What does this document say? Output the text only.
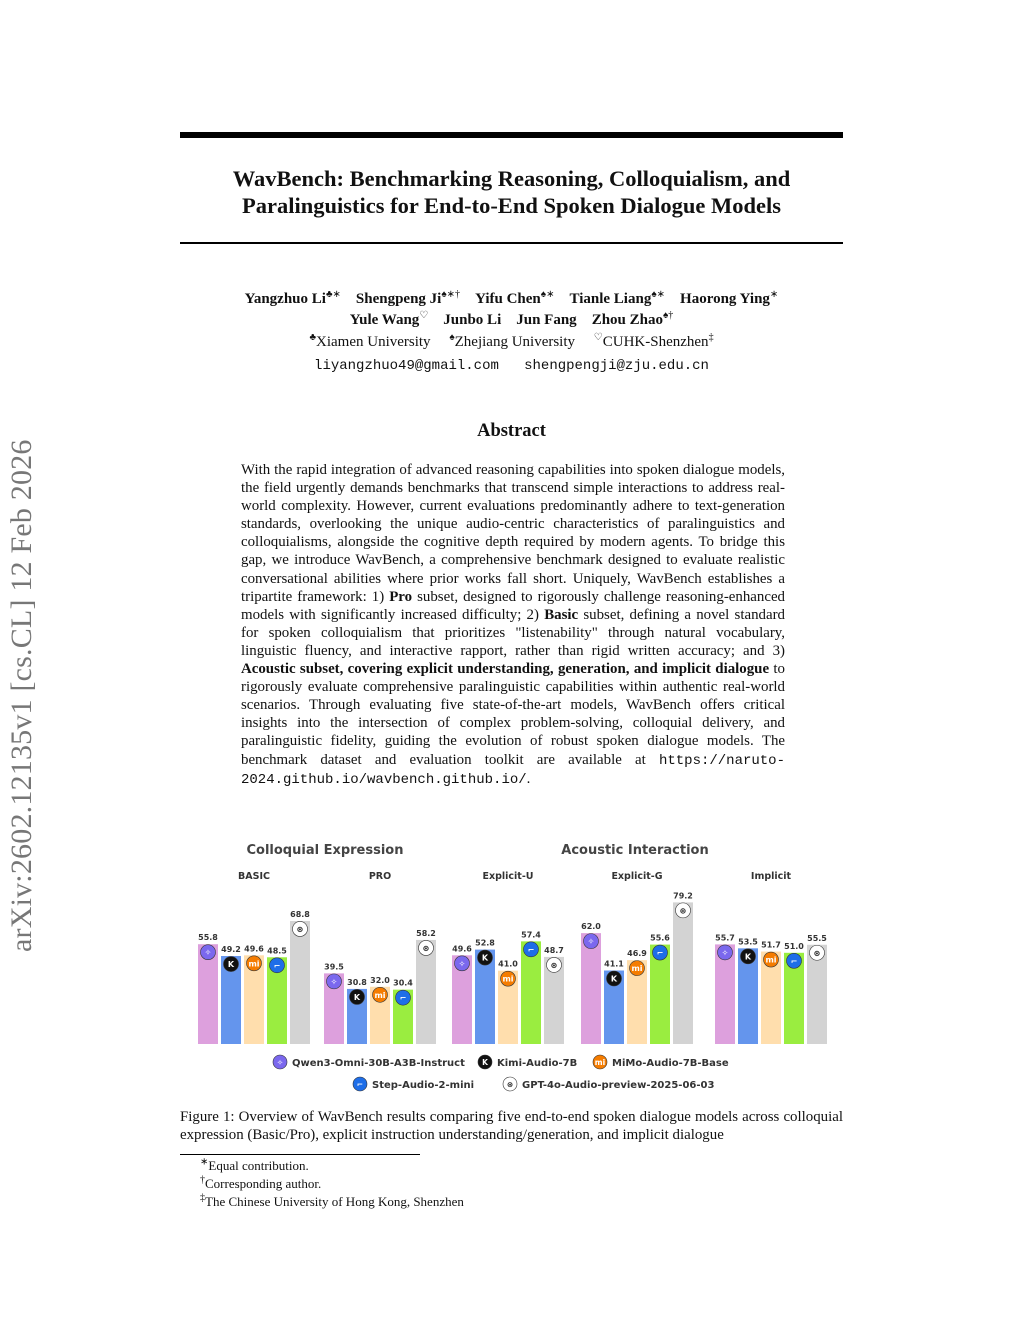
arXiv:2602.12135v1 [cs.CL] 12 Feb 2026
WavBench: Benchmarking Reasoning, Colloquialism, and
Paralinguistics for End-to-End Spoken Dialogue Models
Yangzhuo Li♣∗ Shengpeng Ji♠∗† Yifu Chen♠∗ Tianle Liang♠∗ Haorong Ying∗
Yule Wang♡ Junbo Li Jun Fang Zhou Zhao♠†
♣Xiamen University ♠Zhejiang University ♡CUHK-Shenzhen‡
liyangzhuo49@gmail.com shengpengji@zju.edu.cn
Abstract
With the rapid integration of advanced reasoning capabilities into spoken dialogue models, the field urgently demands benchmarks that transcend simple interactions to address real-world complexity. However, current evaluations predominantly adhere to text-generation standards, overlooking the unique audio-centric characteristics of paralinguistics and colloquialisms, alongside the cognitive depth required by modern agents. To bridge this gap, we introduce WavBench, a comprehensive benchmark designed to evaluate realistic conversational abilities where prior works fall short. Uniquely, WavBench establishes a tripartite framework: 1) Pro subset, designed to rigorously challenge reasoning-enhanced models with significantly increased difficulty; 2) Basic subset, defining a novel standard for spoken colloquialism that prioritizes "listenability" through natural vocabulary, linguistic fluency, and interactive rapport, rather than rigid written accuracy; and 3) Acoustic subset, covering explicit understanding, generation, and implicit dialogue to rigorously evaluate comprehensive paralinguistic capabilities within authentic real-world scenarios. Through evaluating five state-of-the-art models, WavBench offers critical insights into the intersection of complex problem-solving, colloquial delivery, and paralinguistic fidelity, guiding the evolution of robust spoken dialogue models. The benchmark dataset and evaluation toolkit are available at https://naruto-2024.github.io/wavbench.github.io/.
Colloquial Expression	Acoustic Interaction
BASIC
✧
55.8
K
49.2
mi
49.6
⌐
48.5
⊛
68.8
PRO
✧
39.5
K
30.8
mi
32.0
⌐
30.4
⊛
58.2
Explicit-U
✧
49.6
K
52.8
mi
41.0
⌐
57.4
⊛
48.7
Explicit-G
✧
62.0
K
41.1
mi
46.9 ⌐
55.6
⊛
79.2
Implicit
✧
55.7
K
53.5
mi
51.7
⌐
51.0
⊛
55.5
✧ Qwen3-Omni-30B-A3B-Instruct K Kimi-Audio-7B mi MiMo-Audio-7B-Base
⌐ Step-Audio-2-mini	⊛ GPT-4o-Audio-preview-2025-06-03
Figure 1: Overview of WavBench results comparing five end-to-end spoken dialogue models across colloquial expression (Basic/Pro), explicit instruction understanding/generation, and implicit dialogue
∗Equal contribution.
†Corresponding author.
‡The Chinese University of Hong Kong, Shenzhen
